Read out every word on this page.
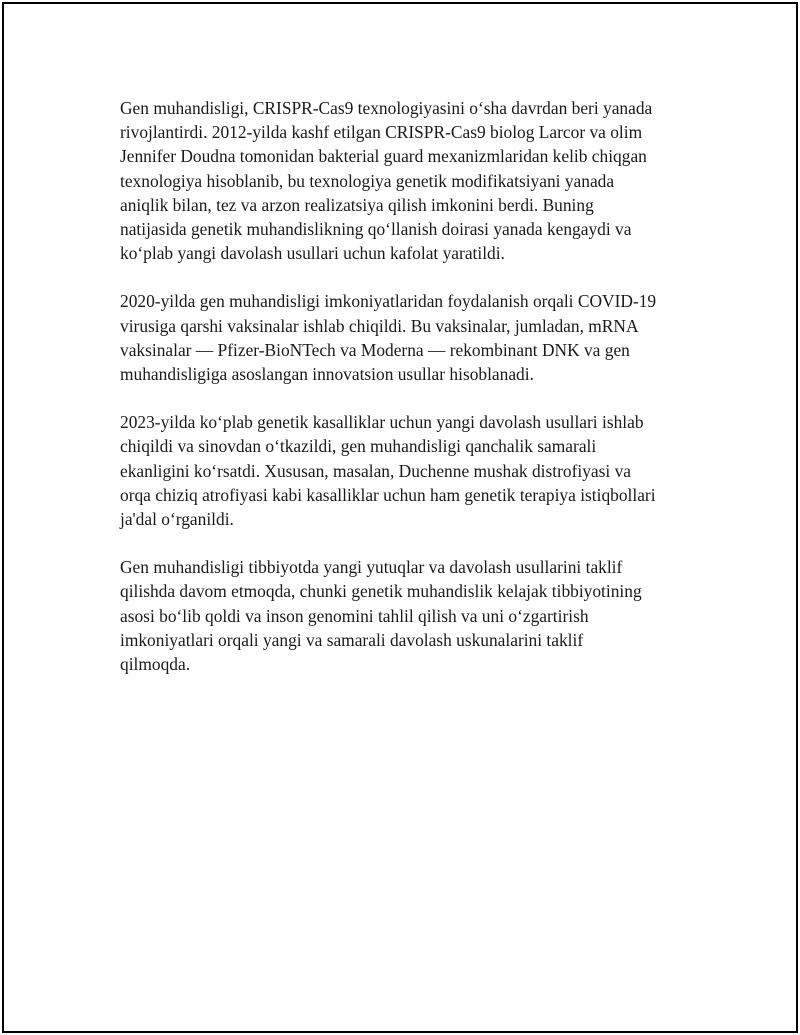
Gen muhandisligi, CRISPR-Cas9 texnologiyasini o‘sha davrdan beri yanada
rivojlantirdi. 2012-yilda kashf etilgan CRISPR-Cas9 biolog Larcor va olim
Jennifer Doudna tomonidan bakterial guard mexanizmlaridan kelib chiqgan
texnologiya hisoblanib, bu texnologiya genetik modifikatsiyani yanada
aniqlik bilan, tez va arzon realizatsiya qilish imkonini berdi. Buning
natijasida genetik muhandislikning qo‘llanish doirasi yanada kengaydi va
ko‘plab yangi davolash usullari uchun kafolat yaratildi.

2020-yilda gen muhandisligi imkoniyatlaridan foydalanish orqali COVID-19
virusiga qarshi vaksinalar ishlab chiqildi. Bu vaksinalar, jumladan, mRNA
vaksinalar — Pfizer-BioNTech va Moderna — rekombinant DNK va gen
muhandisligiga asoslangan innovatsion usullar hisoblanadi.

2023-yilda ko‘plab genetik kasalliklar uchun yangi davolash usullari ishlab
chiqildi va sinovdan o‘tkazildi, gen muhandisligi qanchalik samarali
ekanligini ko‘rsatdi. Xususan, masalan, Duchenne mushak distrofiyasi va
orqa chiziq atrofiyasi kabi kasalliklar uchun ham genetik terapiya istiqbollari
ja'dal o‘rganildi.

Gen muhandisligi tibbiyotda yangi yutuqlar va davolash usullarini taklif
qilishda davom etmoqda, chunki genetik muhandislik kelajak tibbiyotining
asosi bo‘lib qoldi va inson genomini tahlil qilish va uni o‘zgartirish
imkoniyatlari orqali yangi va samarali davolash uskunalarini taklif
qilmoqda.
